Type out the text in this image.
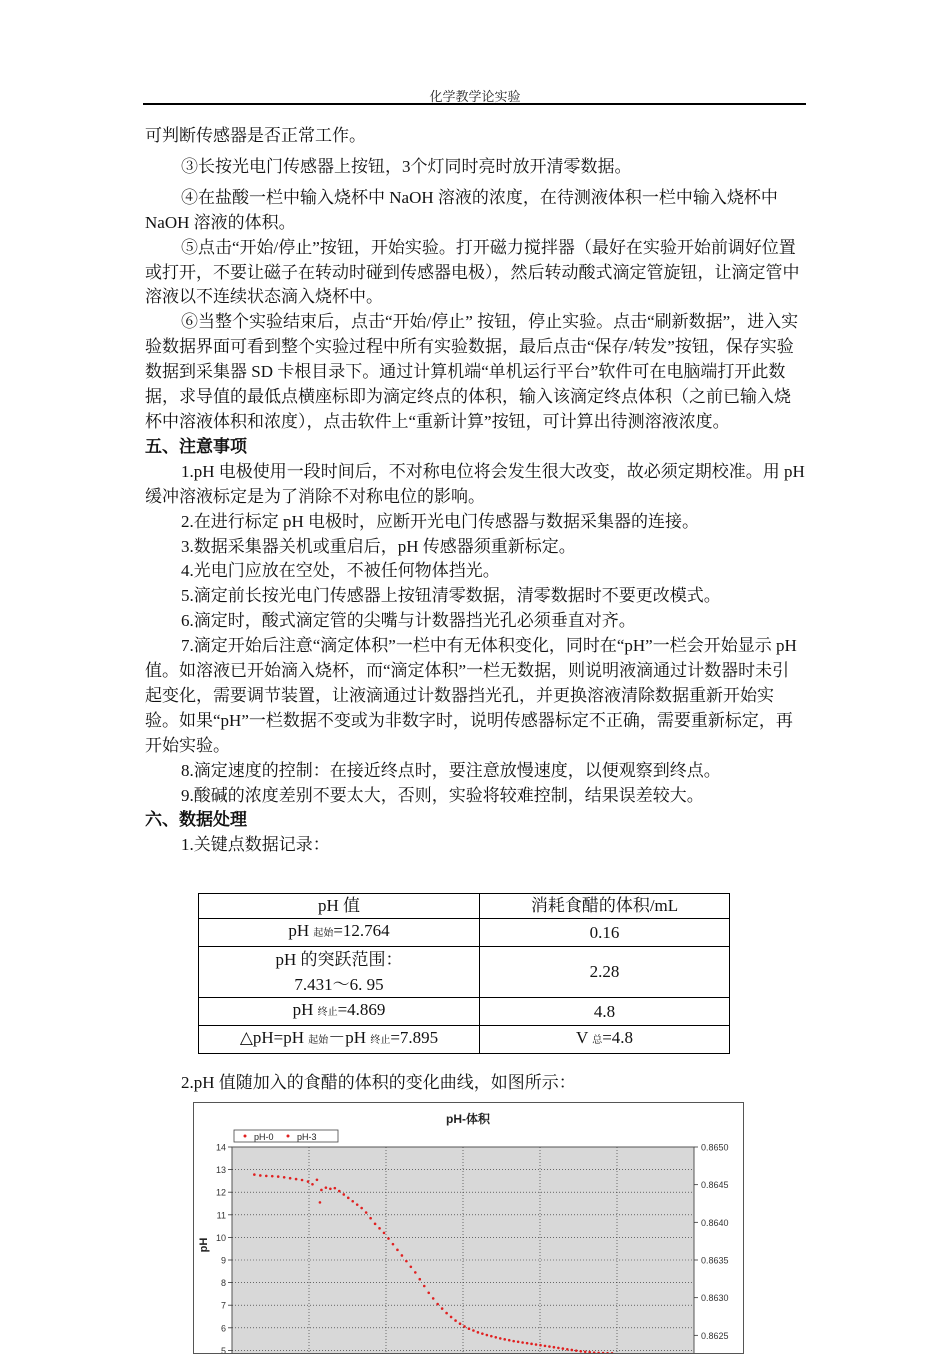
化学教学论实验

可判断传感器是否正常工作。

③长按光电门传感器上按钮，3个灯同时亮时放开清零数据。

④在盐酸一栏中输入烧杯中 NaOH 溶液的浓度，在待测液体积一栏中输入烧杯中 NaOH 溶液的体积。

⑤点击“开始/停止”按钮，开始实验。打开磁力搅拌器（最好在实验开始前调好位置或打开，不要让磁子在转动时碰到传感器电极），然后转动酸式滴定管旋钮，让滴定管中溶液以不连续状态滴入烧杯中。

⑥当整个实验结束后，点击“开始/停止” 按钮，停止实验。点击“刷新数据”，进入实验数据界面可看到整个实验过程中所有实验数据，最后点击“保存/转发”按钮，保存实验数据到采集器 SD 卡根目录下。通过计算机端“单机运行平台”软件可在电脑端打开此数据，求导值的最低点横座标即为滴定终点的体积，输入该滴定终点体积（之前已输入烧杯中溶液体积和浓度），点击软件上“重新计算”按钮，可计算出待测溶液浓度。

五、注意事项

1.pH 电极使用一段时间后，不对称电位将会发生很大改变，故必须定期校准。用 pH 缓冲溶液标定是为了消除不对称电位的影响。

2.在进行标定 pH 电极时，应断开光电门传感器与数据采集器的连接。

3.数据采集器关机或重启后，pH 传感器须重新标定。

4.光电门应放在空处，不被任何物体挡光。

5.滴定前长按光电门传感器上按钮清零数据，清零数据时不要更改模式。

6.滴定时，酸式滴定管的尖嘴与计数器挡光孔必须垂直对齐。

7.滴定开始后注意“滴定体积”一栏中有无体积变化，同时在“pH”一栏会开始显示 pH 值。如溶液已开始滴入烧杯，而“滴定体积”一栏无数据，则说明液滴通过计数器时未引起变化，需要调节装置，让液滴通过计数器挡光孔，并更换溶液清除数据重新开始实验。如果“pH”一栏数据不变或为非数字时，说明传感器标定不正确，需要重新标定，再开始实验。

8.滴定速度的控制：在接近终点时，要注意放慢速度，以便观察到终点。

9.酸碱的浓度差别不要太大，否则，实验将较难控制，结果误差较大。

六、数据处理

1.关键点数据记录：

pH 值	消耗食醋的体积/mL
pH 起始=12.764	0.16

pH 的突跃范围：
7.431～6. 95	2.28
pH 终止=4.869	4.8
△pH=pH 起始－pH 终止=7.895	V 总=4.8
2.pH 值随加入的食醋的体积的变化曲线，如图所示：
pH-体积
14
13
12
11
10
9
8
7
6
5
0.8650
0.8645
0.8640
0.8635
0.8630
0.8625
pH-0	pH-3
pH
